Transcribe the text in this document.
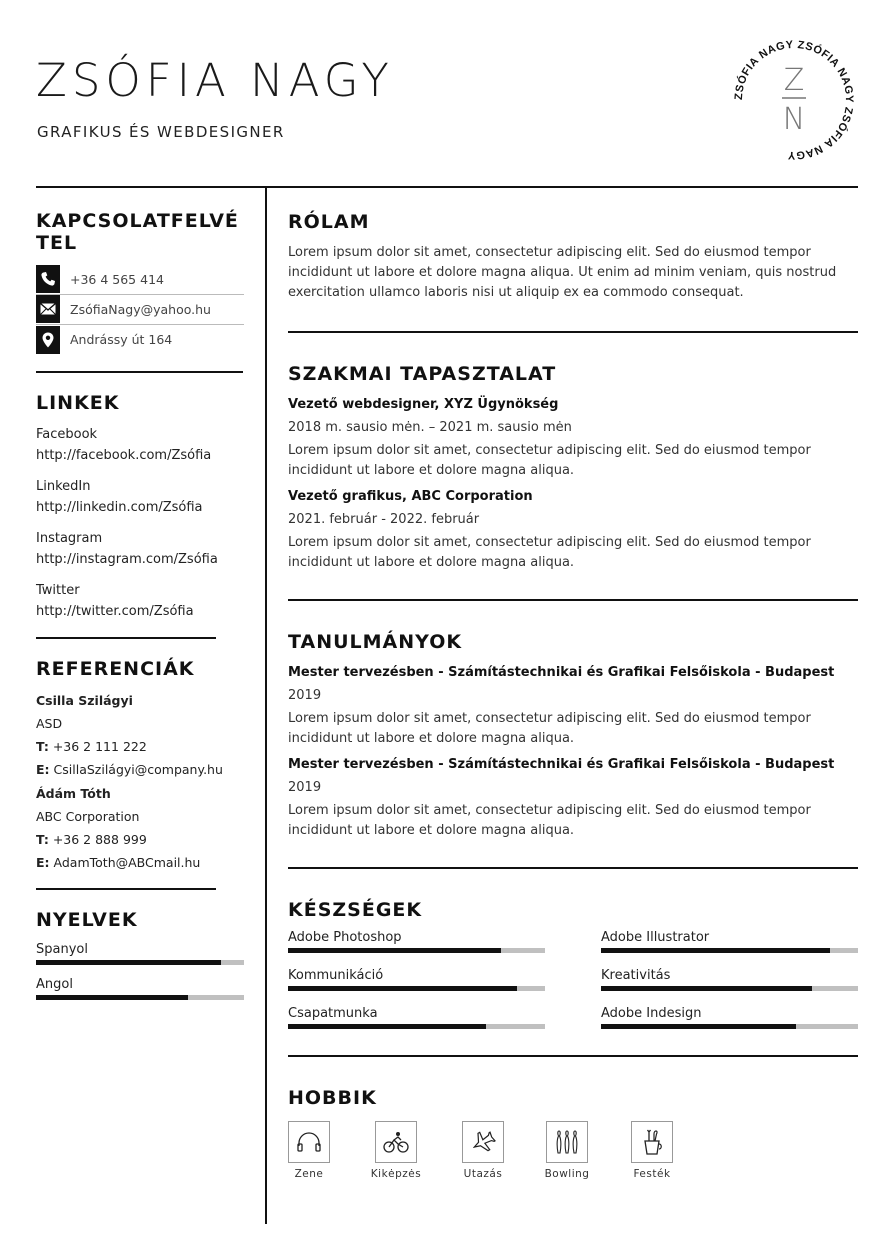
ZSÓFIA NAGY
GRAFIKUS ÉS WEBDESIGNER
ZSÓFIA NAGY ZSÓFIA NAGY ZSÓFIA NAGY
Z
N
KAPCSOLATFELVÉ
TEL
+36 4 565 414
ZsófiaNagy@yahoo.hu
Andrássy út 164
LINKEK
Facebook
http://facebook.com/Zsófia
LinkedIn
http://linkedin.com/Zsófia
Instagram
http://instagram.com/Zsófia
Twitter
http://twitter.com/Zsófia
REFERENCIÁK
Csilla Szilágyi
ASD
T: +36 2 111 222
E: CsillaSzilágyi@company.hu
Ádám Tóth
ABC Corporation
T: +36 2 888 999
E: AdamToth@ABCmail.hu
NYELVEK
Spanyol
Angol
RÓLAM
Lorem ipsum dolor sit amet, consectetur adipiscing elit. Sed do eiusmod tempor incididunt ut labore et dolore magna aliqua. Ut enim ad minim veniam, quis nostrud exercitation ullamco laboris nisi ut aliquip ex ea commodo consequat.
SZAKMAI TAPASZTALAT
Vezető webdesigner, XYZ Ügynökség
2018 m. sausio mėn. – 2021 m. sausio mėn
Lorem ipsum dolor sit amet, consectetur adipiscing elit. Sed do eiusmod tempor incididunt ut labore et dolore magna aliqua.
Vezető grafikus, ABC Corporation
2021. február - 2022. február
Lorem ipsum dolor sit amet, consectetur adipiscing elit. Sed do eiusmod tempor incididunt ut labore et dolore magna aliqua.
TANULMÁNYOK
Mester tervezésben - Számítástechnikai és Grafikai Felsőiskola - Budapest
2019
Lorem ipsum dolor sit amet, consectetur adipiscing elit. Sed do eiusmod tempor incididunt ut labore et dolore magna aliqua.
Mester tervezésben - Számítástechnikai és Grafikai Felsőiskola - Budapest
2019
Lorem ipsum dolor sit amet, consectetur adipiscing elit. Sed do eiusmod tempor incididunt ut labore et dolore magna aliqua.
KÉSZSÉGEK
Adobe Photoshop	Adobe Illustrator
Kommunikáció	Kreativitás
Csapatmunka	Adobe Indesign
HOBBIK
Zene	Kikėpzės	Utazás	Bowling	Festék
